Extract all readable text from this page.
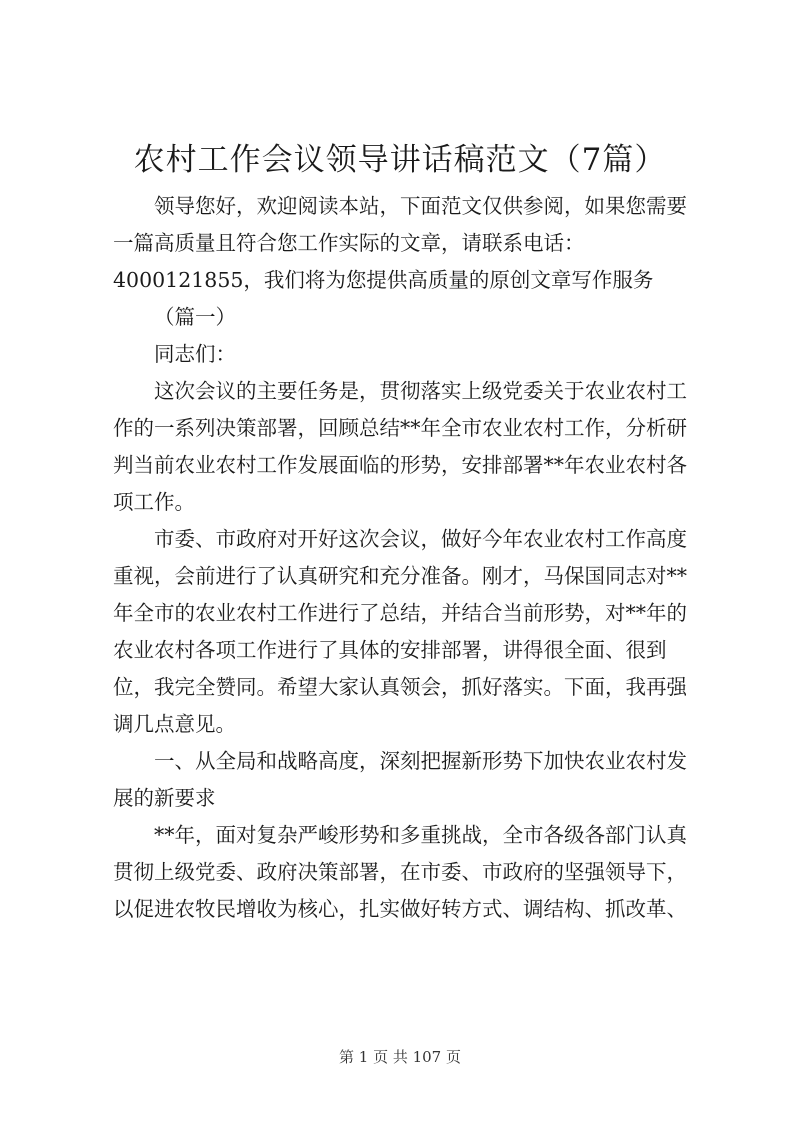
农村工作会议领导讲话稿范文（7篇）

领导您好，欢迎阅读本站，下面范文仅供参阅，如果您需要一篇高质量且符合您工作实际的文章，请联系电话：4000121855，我们将为您提供高质量的原创文章写作服务

（篇一）

同志们：

这次会议的主要任务是，贯彻落实上级党委关于农业农村工作的一系列决策部署，回顾总结**年全市农业农村工作，分析研判当前农业农村工作发展面临的形势，安排部署**年农业农村各项工作。

市委、市政府对开好这次会议，做好今年农业农村工作高度重视，会前进行了认真研究和充分准备。刚才，马保国同志对**年全市的农业农村工作进行了总结，并结合当前形势，对**年的农业农村各项工作进行了具体的安排部署，讲得很全面、很到位，我完全赞同。希望大家认真领会，抓好落实。下面，我再强调几点意见。

一、从全局和战略高度，深刻把握新形势下加快农业农村发展的新要求

**年，面对复杂严峻形势和多重挑战，全市各级各部门认真贯彻上级党委、政府决策部署，在市委、市政府的坚强领导下，以促进农牧民增收为核心，扎实做好转方式、调结构、抓改革、

第 1 页 共 107 页
